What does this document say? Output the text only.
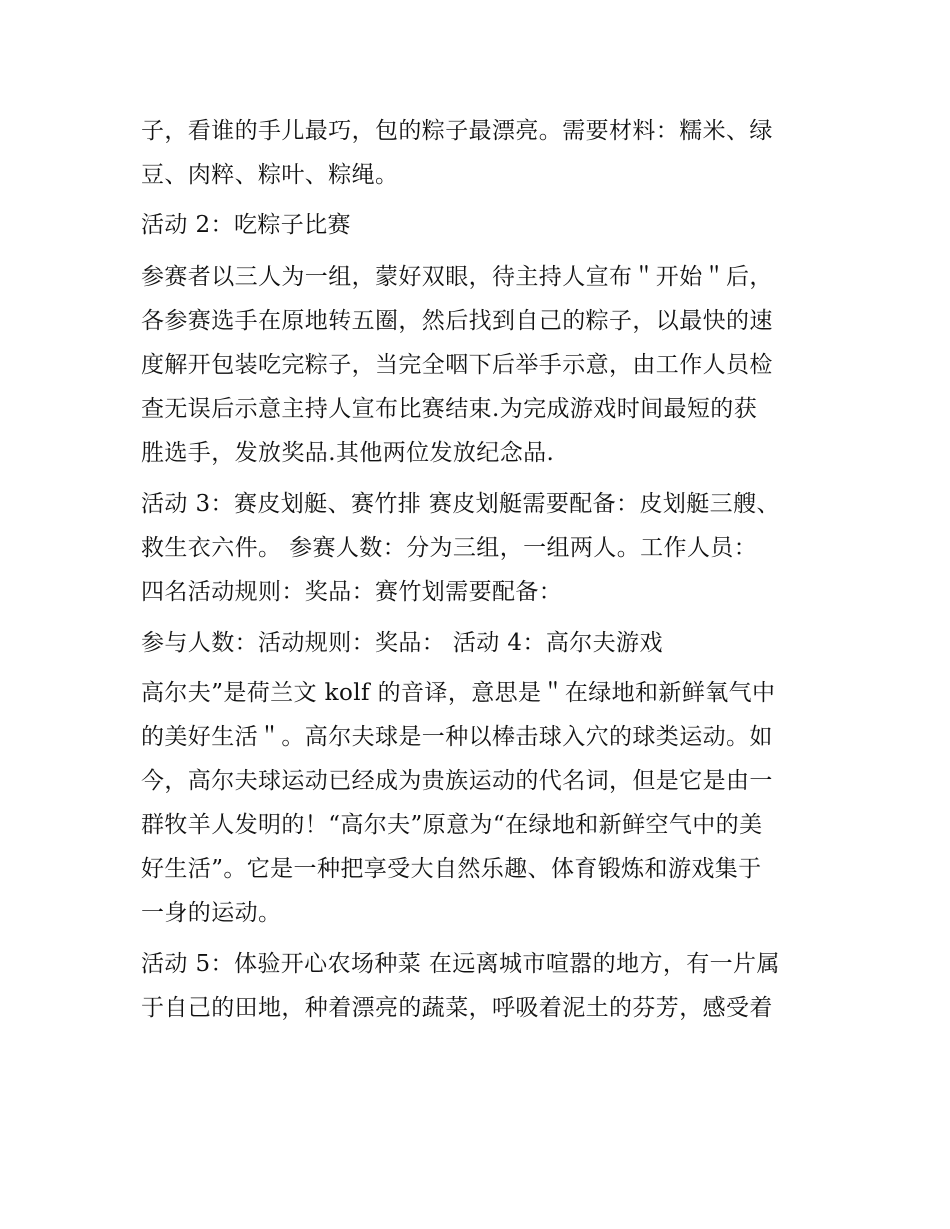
子，看谁的手儿最巧，包的粽子最漂亮。需要材料：糯米、绿
豆、肉粹、粽叶、粽绳。
活动 2：吃粽子比赛
参赛者以三人为一组，蒙好双眼，待主持人宣布＂开始＂后，
各参赛选手在原地转五圈，然后找到自己的粽子，以最快的速
度解开包装吃完粽子，当完全咽下后举手示意，由工作人员检
查无误后示意主持人宣布比赛结束.为完成游戏时间最短的获
胜选手，发放奖品.其他两位发放纪念品.
活动 3：赛皮划艇、赛竹排 赛皮划艇需要配备：皮划艇三艘、
救生衣六件。 参赛人数：分为三组，一组两人。工作人员：
四名活动规则：奖品：赛竹划需要配备：
参与人数：活动规则：奖品： 活动 4：高尔夫游戏
高尔夫”是荷兰文 kolf 的音译，意思是＂在绿地和新鲜氧气中
的美好生活＂。高尔夫球是一种以棒击球入穴的球类运动。如
今，高尔夫球运动已经成为贵族运动的代名词，但是它是由一
群牧羊人发明的！“高尔夫”原意为“在绿地和新鲜空气中的美
好生活”。它是一种把享受大自然乐趣、体育锻炼和游戏集于
一身的运动。
活动 5：体验开心农场种菜 在远离城市喧嚣的地方，有一片属
于自己的田地，种着漂亮的蔬菜，呼吸着泥土的芬芳，感受着
